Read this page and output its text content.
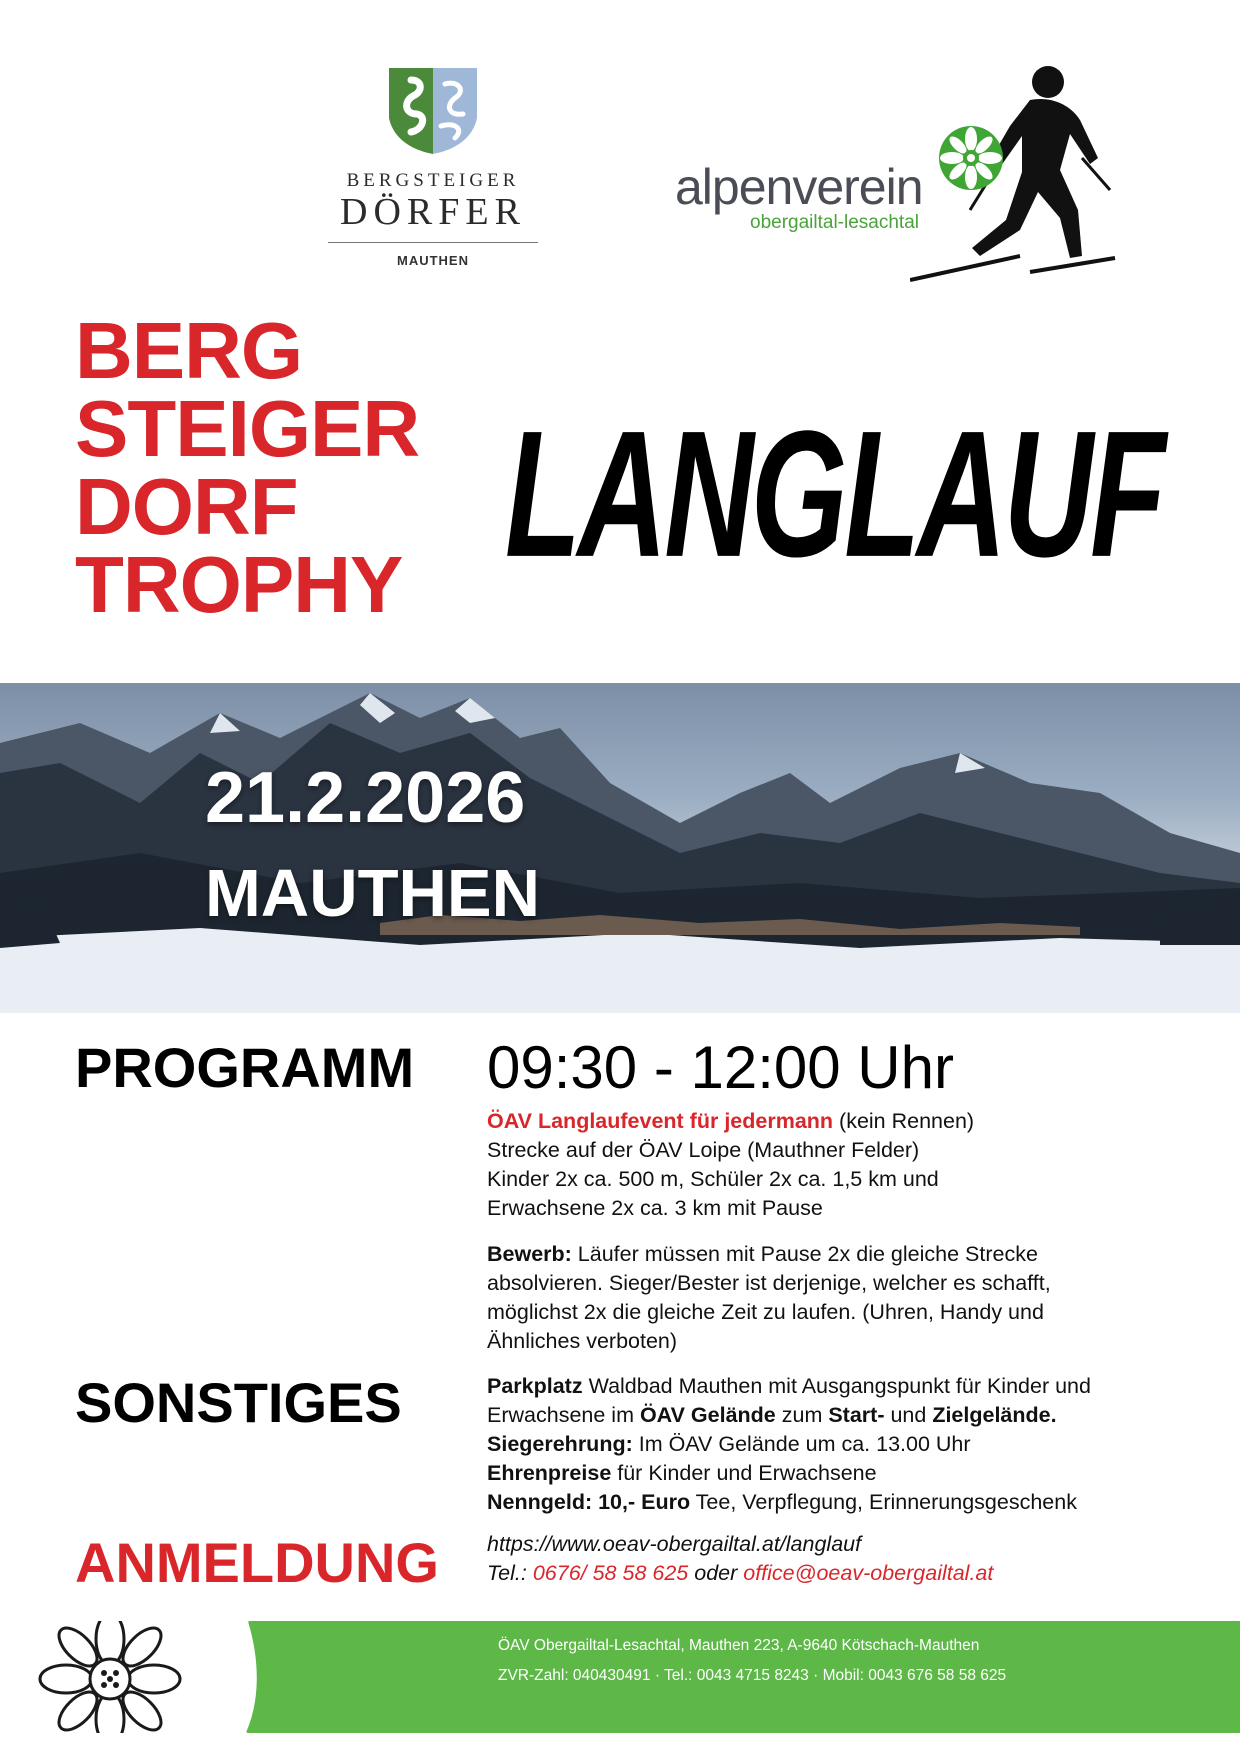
BERGSTEIGER
DÖRFER
MAUTHEN
alpenverein
obergailtal-lesachtal
BERG
STEIGER
DORF
TROPHY LANGLAUF
21.2.2026
MAUTHEN
PROGRAMM 09:30 - 12:00 Uhr
ÖAV Langlaufevent für jedermann (kein Rennen)
Strecke auf der ÖAV Loipe (Mauthner Felder)
Kinder 2x ca. 500 m, Schüler 2x ca. 1,5 km und
Erwachsene 2x ca. 3 km mit Pause
Bewerb: Läufer müssen mit Pause 2x die gleiche Strecke
absolvieren. Sieger/Bester ist derjenige, welcher es schafft,
möglichst 2x die gleiche Zeit zu laufen. (Uhren, Handy und
Ähnliches verboten)
SONSTIGES	Parkplatz Waldbad Mauthen mit Ausgangspunkt für Kinder und
Erwachsene im ÖAV Gelände zum Start- und Zielgelände.
Siegerehrung: Im ÖAV Gelände um ca. 13.00 Uhr
Ehrenpreise für Kinder und Erwachsene
Nenngeld: 10,- Euro Tee, Verpflegung, Erinnerungsgeschenk
ANMELDUNG https://www.oeav-obergailtal.at/langlauf
Tel.: 0676/ 58 58 625 oder office@oeav-obergailtal.at
ÖAV Obergailtal-Lesachtal, Mauthen 223, A-9640 Kötschach-Mauthen
ZVR-Zahl: 040430491 · Tel.: 0043 4715 8243 · Mobil: 0043 676 58 58 625
